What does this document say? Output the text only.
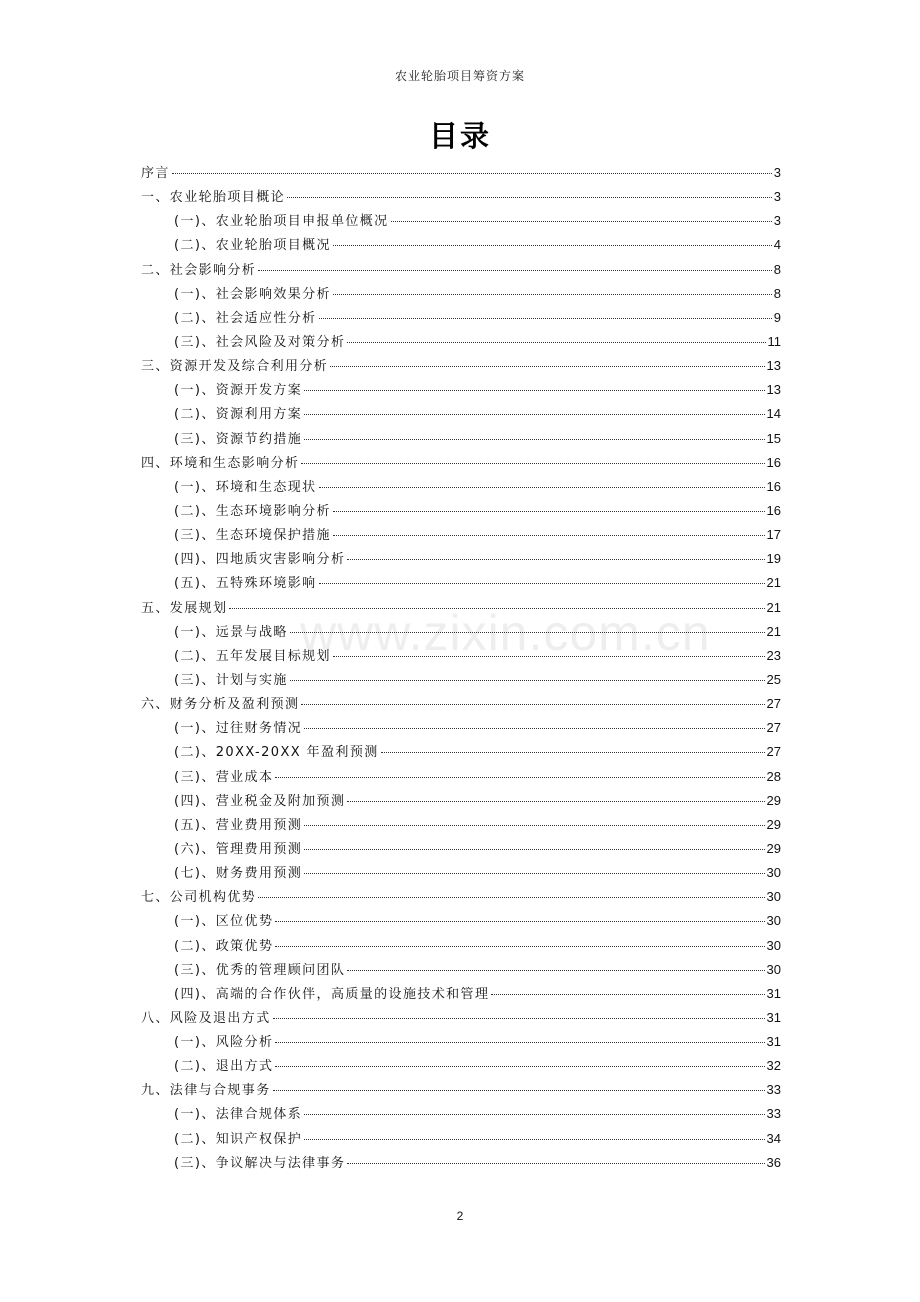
农业轮胎项目筹资方案
目录
www.zixin.com.cn
序言	3
一、农业轮胎项目概论	3
(一)、农业轮胎项目申报单位概况	3
(二)、农业轮胎项目概况	4
二、社会影响分析	8
(一)、社会影响效果分析	8
(二)、社会适应性分析	9
(三)、社会风险及对策分析	11
三、资源开发及综合利用分析	13
(一)、资源开发方案	13
(二)、资源利用方案	14
(三)、资源节约措施	15
四、环境和生态影响分析	16
(一)、环境和生态现状	16
(二)、生态环境影响分析	16
(三)、生态环境保护措施	17
(四)、四地质灾害影响分析	19
(五)、五特殊环境影响	21
五、发展规划	21
(一)、远景与战略	21
(二)、五年发展目标规划	23
(三)、计划与实施	25
六、财务分析及盈利预测	27
(一)、过往财务情况	27
(二)、20XX-20XX 年盈利预测	27
(三)、营业成本	28
(四)、营业税金及附加预测	29
(五)、营业费用预测	29
(六)、管理费用预测	29
(七)、财务费用预测	30
七、公司机构优势	30
(一)、区位优势	30
(二)、政策优势	30
(三)、优秀的管理顾问团队	30
(四)、高端的合作伙伴，高质量的设施技术和管理	31
八、风险及退出方式	31
(一)、风险分析	31
(二)、退出方式	32
九、法律与合规事务	33
(一)、法律合规体系	33
(二)、知识产权保护	34
(三)、争议解决与法律事务	36
2
